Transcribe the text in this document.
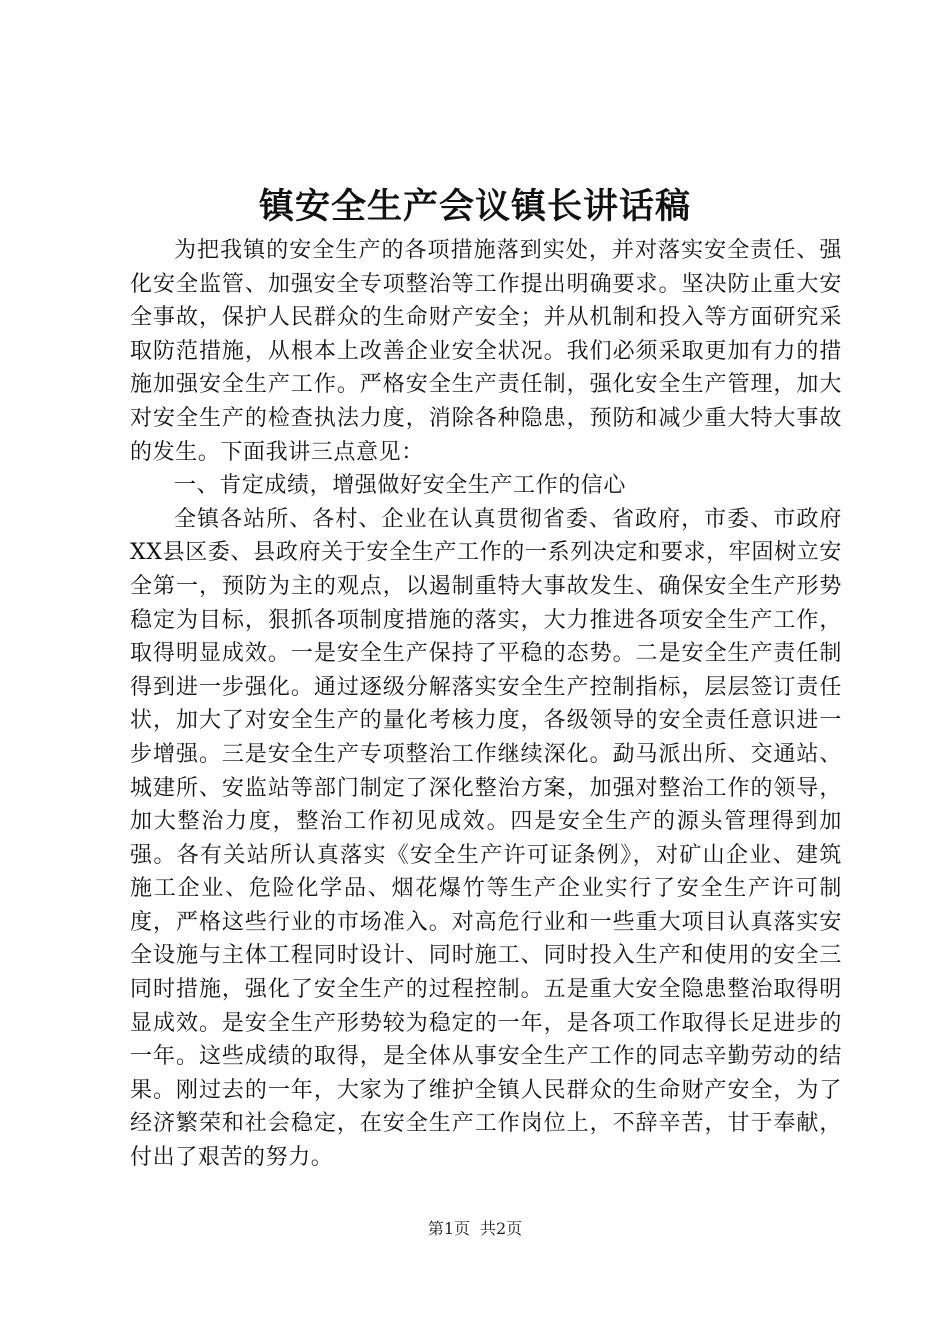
镇安全生产会议镇长讲话稿

为把我镇的安全生产的各项措施落到实处，并对落实安全责任、强化安全监管、加强安全专项整治等工作提出明确要求。坚决防止重大安全事故，保护人民群众的生命财产安全；并从机制和投入等方面研究采取防范措施，从根本上改善企业安全状况。我们必须采取更加有力的措施加强安全生产工作。严格安全生产责任制，强化安全生产管理，加大对安全生产的检查执法力度，消除各种隐患，预防和减少重大特大事故的发生。下面我讲三点意见：

一、肯定成绩，增强做好安全生产工作的信心

全镇各站所、各村、企业在认真贯彻省委、省政府，市委、市政府XX县区委、县政府关于安全生产工作的一系列决定和要求，牢固树立安全第一，预防为主的观点，以遏制重特大事故发生、确保安全生产形势稳定为目标，狠抓各项制度措施的落实，大力推进各项安全生产工作，取得明显成效。一是安全生产保持了平稳的态势。二是安全生产责任制得到进一步强化。通过逐级分解落实安全生产控制指标，层层签订责任状，加大了对安全生产的量化考核力度，各级领导的安全责任意识进一步增强。三是安全生产专项整治工作继续深化。勐马派出所、交通站、城建所、安监站等部门制定了深化整治方案，加强对整治工作的领导，加大整治力度，整治工作初见成效。四是安全生产的源头管理得到加强。各有关站所认真落实《安全生产许可证条例》，对矿山企业、建筑施工企业、危险化学品、烟花爆竹等生产企业实行了安全生产许可制度，严格这些行业的市场准入。对高危行业和一些重大项目认真落实安全设施与主体工程同时设计、同时施工、同时投入生产和使用的安全三同时措施，强化了安全生产的过程控制。五是重大安全隐患整治取得明显成效。是安全生产形势较为稳定的一年，是各项工作取得长足进步的一年。这些成绩的取得，是全体从事安全生产工作的同志辛勤劳动的结果。刚过去的一年，大家为了维护全镇人民群众的生命财产安全，为了经济繁荣和社会稳定，在安全生产工作岗位上，不辞辛苦，甘于奉献，付出了艰苦的努力。

第1页 共2页
